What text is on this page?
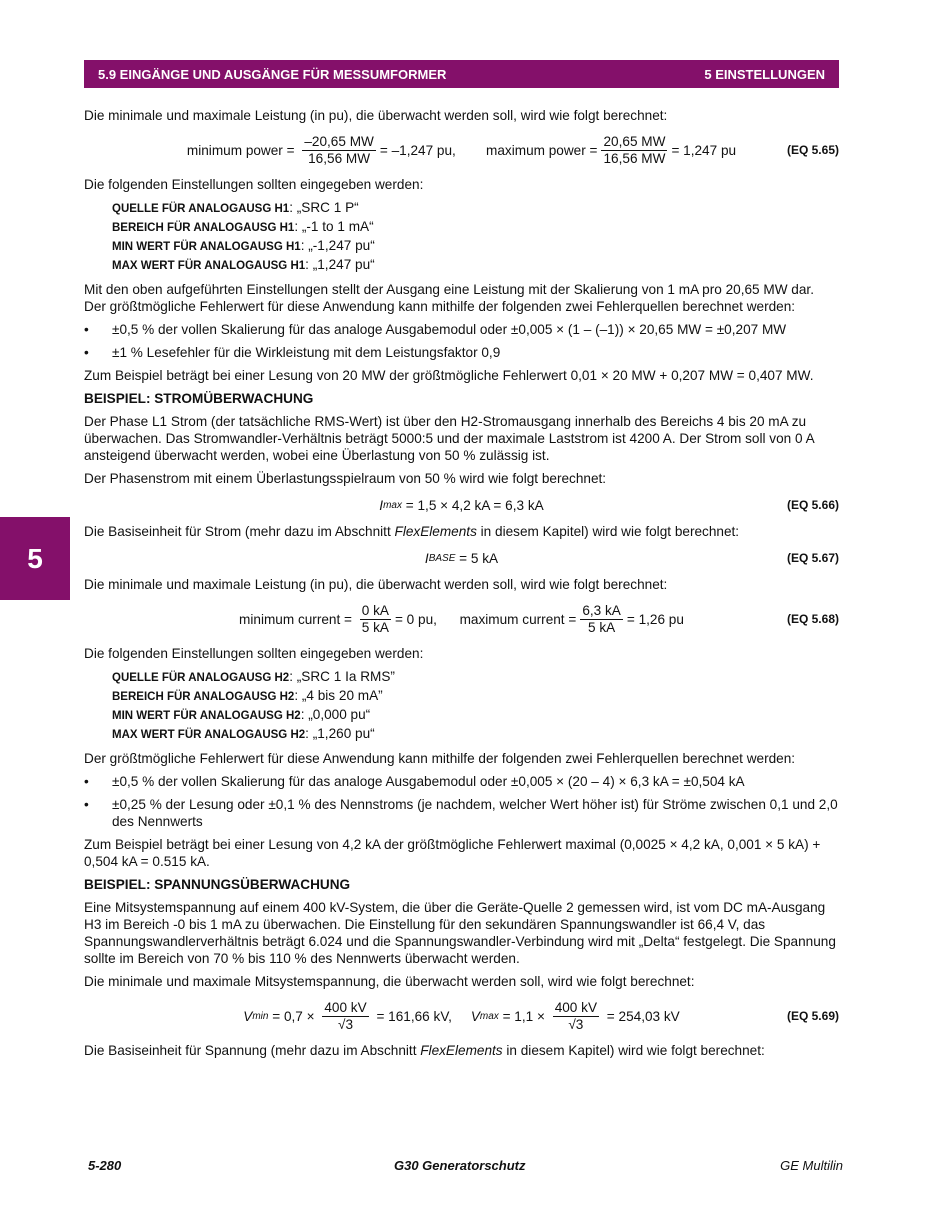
5.9 EINGÄNGE UND AUSGÄNGE FÜR MESSUMFORMER	5 EINSTELLUNGEN
5

Die minimale und maximale Leistung (in pu), die überwacht werden soll, wird wie folgt berechnet:

minimum power = $\frac{-20,65 MW}{16,56 MW} = -1,247$ pu,
maximum power = $\frac{20,65 MW}{16,56 MW} = 1,247$ pu	(EQ 5.65)

Die folgenden Einstellungen sollten eingegeben werden:

QUELLE FÜR ANALOGAUSG H1: „SRC 1 P“
BEREICH FÜR ANALOGAUSG H1: „-1 to 1 mA“
MIN WERT FÜR ANALOGAUSG H1: „-1,247 pu“
MAX WERT FÜR ANALOGAUSG H1: „1,247 pu“

Mit den oben aufgeführten Einstellungen stellt der Ausgang eine Leistung mit der Skalierung von 1 mA pro 20,65 MW dar. Der größtmögliche Fehlerwert für diese Anwendung kann mithilfe der folgenden zwei Fehlerquellen berechnet werden:

•	±0,5 % der vollen Skalierung für das analoge Ausgabemodul oder ±0,005 × (1 – (–1)) × 20,65 MW = ±0,207 MW
•	±1 % Lesefehler für die Wirkleistung mit dem Leistungsfaktor 0,9

Zum Beispiel beträgt bei einer Lesung von 20 MW der größtmögliche Fehlerwert 0,01 × 20 MW + 0,207 MW = 0,407 MW.

BEISPIEL: STROMÜBERWACHUNG

Der Phase L1 Strom (der tatsächliche RMS-Wert) ist über den H2-Stromausgang innerhalb des Bereichs 4 bis 20 mA zu überwachen. Das Stromwandler-Verhältnis beträgt 5000:5 und der maximale Laststrom ist 4200 A. Der Strom soll von 0 A ansteigend überwacht werden, wobei eine Überlastung von 50 % zulässig ist.

Der Phasenstrom mit einem Überlastungsspielraum von 50 % wird wie folgt berechnet:

I max = 1,5 × 4,2 kA = 6,3 kA	(EQ 5.66)

Die Basiseinheit für Strom (mehr dazu im Abschnitt FlexElements in diesem Kapitel) wird wie folgt berechnet:

I BASE = 5 kA	(EQ 5.67)

Die minimale und maximale Leistung (in pu), die überwacht werden soll, wird wie folgt berechnet:

minimum current = $\frac{0 kA}{5 kA} = 0$ pu,
maximum current = $\frac{6,3 kA}{5 kA} = 1,26$ pu	(EQ 5.68)

Die folgenden Einstellungen sollten eingegeben werden:

QUELLE FÜR ANALOGAUSG H2: „SRC 1 Ia RMS”
BEREICH FÜR ANALOGAUSG H2: „4 bis 20 mA”
MIN WERT FÜR ANALOGAUSG H2: „0,000 pu“
MAX WERT FÜR ANALOGAUSG H2: „1,260 pu“

Der größtmögliche Fehlerwert für diese Anwendung kann mithilfe der folgenden zwei Fehlerquellen berechnet werden:

•	±0,5 % der vollen Skalierung für das analoge Ausgabemodul oder ±0,005 × (20 – 4) × 6,3 kA = ±0,504 kA
•	±0,25 % der Lesung oder ±0,1 % des Nennstroms (je nachdem, welcher Wert höher ist) für Ströme zwischen 0,1 und 2,0 des Nennwerts

Zum Beispiel beträgt bei einer Lesung von 4,2 kA der größtmögliche Fehlerwert maximal (0,0025 × 4,2 kA, 0,001 × 5 kA) + 0,504 kA = 0.515 kA.

BEISPIEL: SPANNUNGSÜBERWACHUNG

Eine Mitsystemspannung auf einem 400 kV-System, die über die Geräte-Quelle 2 gemessen wird, ist vom DC mA-Ausgang H3 im Bereich -0 bis 1 mA zu überwachen. Die Einstellung für den sekundären Spannungswandler ist 66,4 V, das Spannungswandlerverhältnis beträgt 6.024 und die Spannungswandler-Verbindung wird mit „Delta“ festgelegt. Die Spannung sollte im Bereich von 70 % bis 110 % des Nennwerts überwacht werden.

Die minimale und maximale Mitsystemspannung, die überwacht werden soll, wird wie folgt berechnet:

V $\min = 0,7 \times \frac{400 kV}{√3} = 161,66$ kV,
V $\max = 1,1 \times \frac{400 kV}{√3} = 254,03$ kV	(EQ 5.69)

Die Basiseinheit für Spannung (mehr dazu im Abschnitt FlexElements in diesem Kapitel) wird wie folgt berechnet:

5-280	G30 Generatorschutz	GE Multilin
